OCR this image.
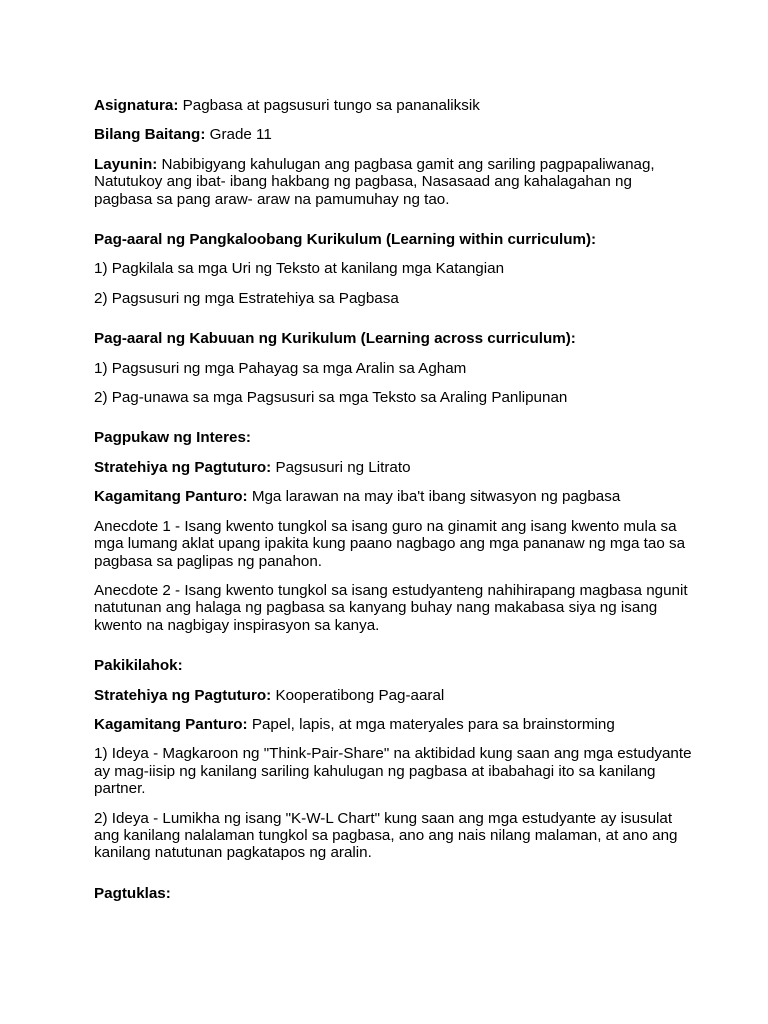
Asignatura: Pagbasa at pagsusuri tungo sa pananaliksik

Bilang Baitang: Grade 11

Layunin: Nabibigyang kahulugan ang pagbasa gamit ang sariling pagpapaliwanag, Natutukoy ang ibat- ibang hakbang ng pagbasa, Nasasaad ang kahalagahan ng pagbasa sa pang araw- araw na pamumuhay ng tao.

Pag-aaral ng Pangkaloobang Kurikulum (Learning within curriculum):

1) Pagkilala sa mga Uri ng Teksto at kanilang mga Katangian

2) Pagsusuri ng mga Estratehiya sa Pagbasa

Pag-aaral ng Kabuuan ng Kurikulum (Learning across curriculum):

1) Pagsusuri ng mga Pahayag sa mga Aralin sa Agham

2) Pag-unawa sa mga Pagsusuri sa mga Teksto sa Araling Panlipunan

Pagpukaw ng Interes:

Stratehiya ng Pagtuturo: Pagsusuri ng Litrato

Kagamitang Panturo: Mga larawan na may iba't ibang sitwasyon ng pagbasa

Anecdote 1 - Isang kwento tungkol sa isang guro na ginamit ang isang kwento mula sa mga lumang aklat upang ipakita kung paano nagbago ang mga pananaw ng mga tao sa pagbasa sa paglipas ng panahon.

Anecdote 2 - Isang kwento tungkol sa isang estudyanteng nahihirapang magbasa ngunit natutunan ang halaga ng pagbasa sa kanyang buhay nang makabasa siya ng isang kwento na nagbigay inspirasyon sa kanya.

Pakikilahok:

Stratehiya ng Pagtuturo: Kooperatibong Pag-aaral

Kagamitang Panturo: Papel, lapis, at mga materyales para sa brainstorming

1) Ideya - Magkaroon ng "Think-Pair-Share" na aktibidad kung saan ang mga estudyante ay mag-iisip ng kanilang sariling kahulugan ng pagbasa at ibabahagi ito sa kanilang partner.

2) Ideya - Lumikha ng isang "K-W-L Chart" kung saan ang mga estudyante ay isusulat ang kanilang nalalaman tungkol sa pagbasa, ano ang nais nilang malaman, at ano ang kanilang natutunan pagkatapos ng aralin.

Pagtuklas:
